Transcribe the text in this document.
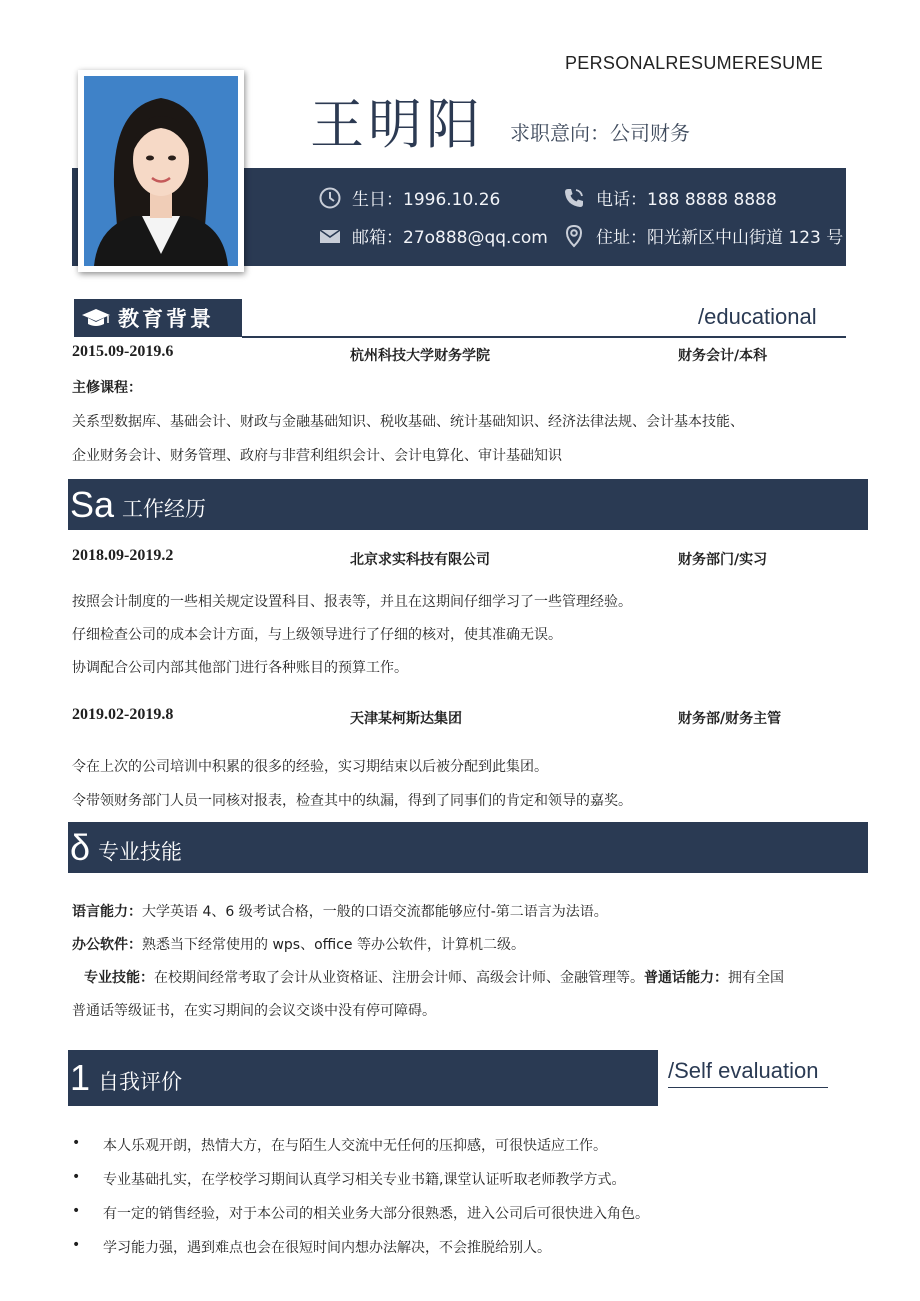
PERSONALRESUMERESUME
王明阳 求职意向：公司财务
生日：1996.10.26	电话：188 8888 8888
邮箱：27o888@qq.com	住址：阳光新区中山街道 123 号
教育背景	/educational
2015.09-2019.6	杭州科技大学财务学院	财务会计/本科
主修课程：
关系型数据库、基础会计、财政与金融基础知识、税收基础、统计基础知识、经济法律法规、会计基本技能、
企业财务会计、财务管理、政府与非营利组织会计、会计电算化、审计基础知识
Sa 工作经历
2018.09-2019.2	北京求实科技有限公司	财务部门/实习
按照会计制度的一些相关规定设置科目、报表等，并且在这期间仔细学习了一些管理经验。
仔细检查公司的成本会计方面，与上级领导进行了仔细的核对，使其准确无误。
协调配合公司内部其他部门进行各种账目的预算工作。
2019.02-2019.8	天津某柯斯达集团	财务部/财务主管
令在上次的公司培训中积累的很多的经验，实习期结束以后被分配到此集团。
令带领财务部门人员一同核对报表，检查其中的纨漏，得到了同事们的肯定和领导的嘉奖。
δ 专业技能
语言能力：大学英语 4、6 级考试合格，一般的口语交流都能够应付-第二语言为法语。
办公软件：熟悉当下经常使用的 wps、office 等办公软件，计算机二级。
专业技能：在校期间经常考取了会计从业资格证、注册会计师、高级会计师、金融管理等。普通话能力：拥有全国
普通话等级证书，在实习期间的会议交谈中没有停可障碍。
1 自我评价	/Self evaluation
•	本人乐观开朗，热情大方，在与陌生人交流中无任何的压抑感，可很快适应工作。
•	专业基础扎实，在学校学习期间认真学习相关专业书籍,课堂认证听取老师教学方式。
•	有一定的销售经验，对于本公司的相关业务大部分很熟悉，进入公司后可很快进入角色。
•	学习能力强，遇到难点也会在很短时间内想办法解决，不会推脱给别人。
